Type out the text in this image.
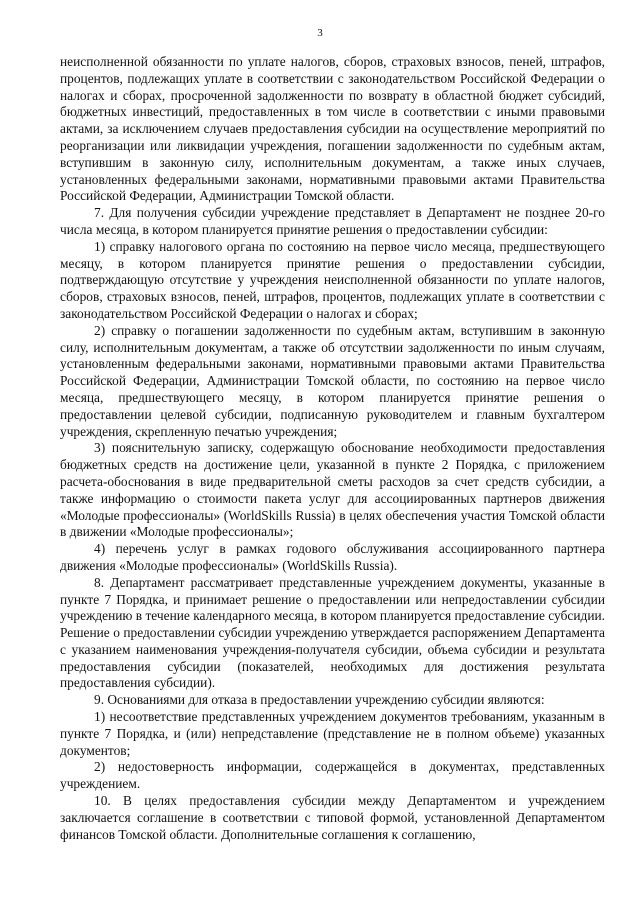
3

неисполненной обязанности по уплате налогов, сборов, страховых взносов, пеней, штрафов, процентов, подлежащих уплате в соответствии с законодательством Российской Федерации о налогах и сборах, просроченной задолженности по возврату в областной бюджет субсидий, бюджетных инвестиций, предоставленных в том числе в соответствии с иными правовыми актами, за исключением случаев предоставления субсидии на осуществление мероприятий по реорганизации или ликвидации учреждения, погашении задолженности по судебным актам, вступившим в законную силу, исполнительным документам, а также иных случаев, установленных федеральными законами, нормативными правовыми актами Правительства Российской Федерации, Администрации Томской области.

7. Для получения субсидии учреждение представляет в Департамент не позднее 20-го числа месяца, в котором планируется принятие решения о предоставлении субсидии:

1) справку налогового органа по состоянию на первое число месяца, предшествующего месяцу, в котором планируется принятие решения о предоставлении субсидии, подтверждающую отсутствие у учреждения неисполненной обязанности по уплате налогов, сборов, страховых взносов, пеней, штрафов, процентов, подлежащих уплате в соответствии с законодательством Российской Федерации о налогах и сборах;

2) справку о погашении задолженности по судебным актам, вступившим в законную силу, исполнительным документам, а также об отсутствии задолженности по иным случаям, установленным федеральными законами, нормативными правовыми актами Правительства Российской Федерации, Администрации Томской области, по состоянию на первое число месяца, предшествующего месяцу, в котором планируется принятие решения о предоставлении целевой субсидии, подписанную руководителем и главным бухгалтером учреждения, скрепленную печатью учреждения;

3) пояснительную записку, содержащую обоснование необходимости предоставления бюджетных средств на достижение цели, указанной в пункте 2 Порядка, с приложением расчета-обоснования в виде предварительной сметы расходов за счет средств субсидии, а также информацию о стоимости пакета услуг для ассоциированных партнеров движения «Молодые профессионалы» (WorldSkills Russia) в целях обеспечения участия Томской области в движении «Молодые профессионалы»;

4) перечень услуг в рамках годового обслуживания ассоциированного партнера движения «Молодые профессионалы» (WorldSkills Russia).

8. Департамент рассматривает представленные учреждением документы, указанные в пункте 7 Порядка, и принимает решение о предоставлении или непредоставлении субсидии учреждению в течение календарного месяца, в котором планируется предоставление субсидии. Решение о предоставлении субсидии учреждению утверждается распоряжением Департамента с указанием наименования учреждения-получателя субсидии, объема субсидии и результата предоставления субсидии (показателей, необходимых для достижения результата предоставления субсидии).

9. Основаниями для отказа в предоставлении учреждению субсидии являются:

1) несоответствие представленных учреждением документов требованиям, указанным в пункте 7 Порядка, и (или) непредставление (представление не в полном объеме) указанных документов;

2) недостоверность информации, содержащейся в документах, представленных учреждением.

10. В целях предоставления субсидии между Департаментом и учреждением заключается соглашение в соответствии с типовой формой, установленной Департаментом финансов Томской области. Дополнительные соглашения к соглашению,
